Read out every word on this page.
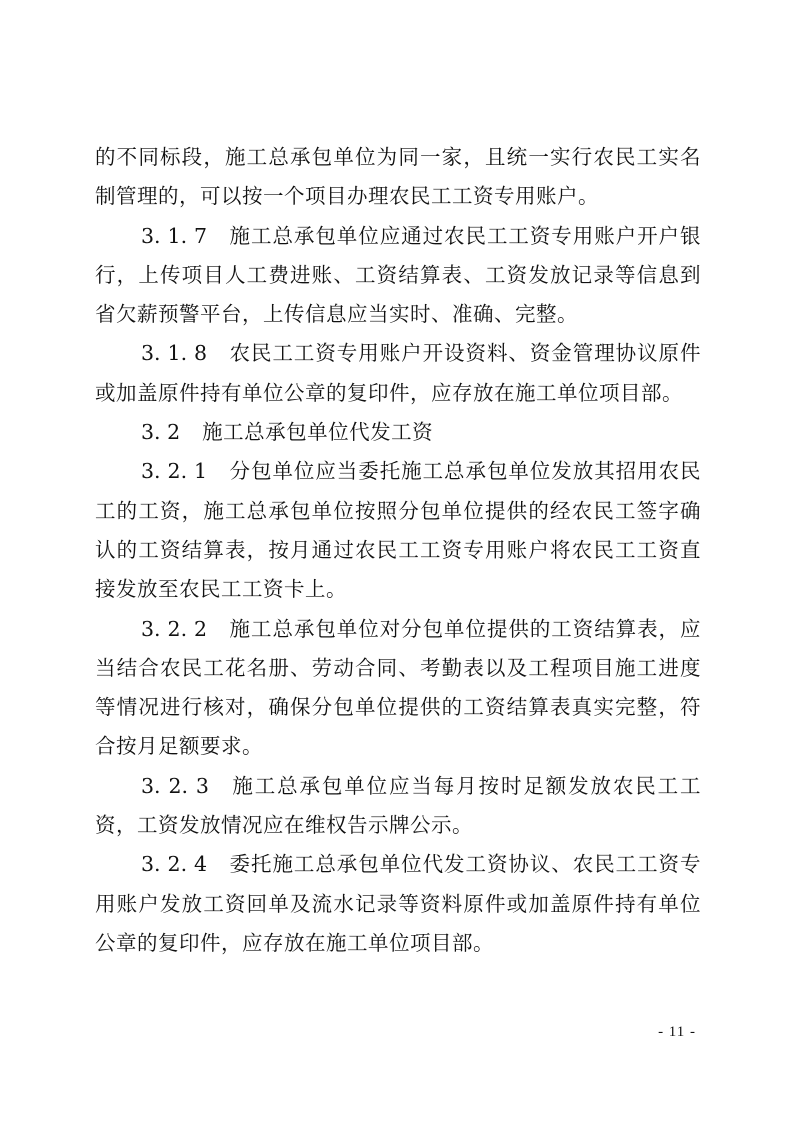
的不同标段，施工总承包单位为同一家，且统一实行农民工实名制管理的，可以按一个项目办理农民工工资专用账户。

3. 1. 7 施工总承包单位应通过农民工工资专用账户开户银行，上传项目人工费进账、工资结算表、工资发放记录等信息到省欠薪预警平台，上传信息应当实时、准确、完整。

3. 1. 8 农民工工资专用账户开设资料、资金管理协议原件或加盖原件持有单位公章的复印件，应存放在施工单位项目部。

3. 2 施工总承包单位代发工资

3. 2. 1 分包单位应当委托施工总承包单位发放其招用农民工的工资，施工总承包单位按照分包单位提供的经农民工签字确认的工资结算表，按月通过农民工工资专用账户将农民工工资直接发放至农民工工资卡上。

3. 2. 2 施工总承包单位对分包单位提供的工资结算表，应当结合农民工花名册、劳动合同、考勤表以及工程项目施工进度等情况进行核对，确保分包单位提供的工资结算表真实完整，符合按月足额要求。

3. 2. 3 施工总承包单位应当每月按时足额发放农民工工资，工资发放情况应在维权告示牌公示。

3. 2. 4 委托施工总承包单位代发工资协议、农民工工资专用账户发放工资回单及流水记录等资料原件或加盖原件持有单位公章的复印件，应存放在施工单位项目部。

- 11 -
